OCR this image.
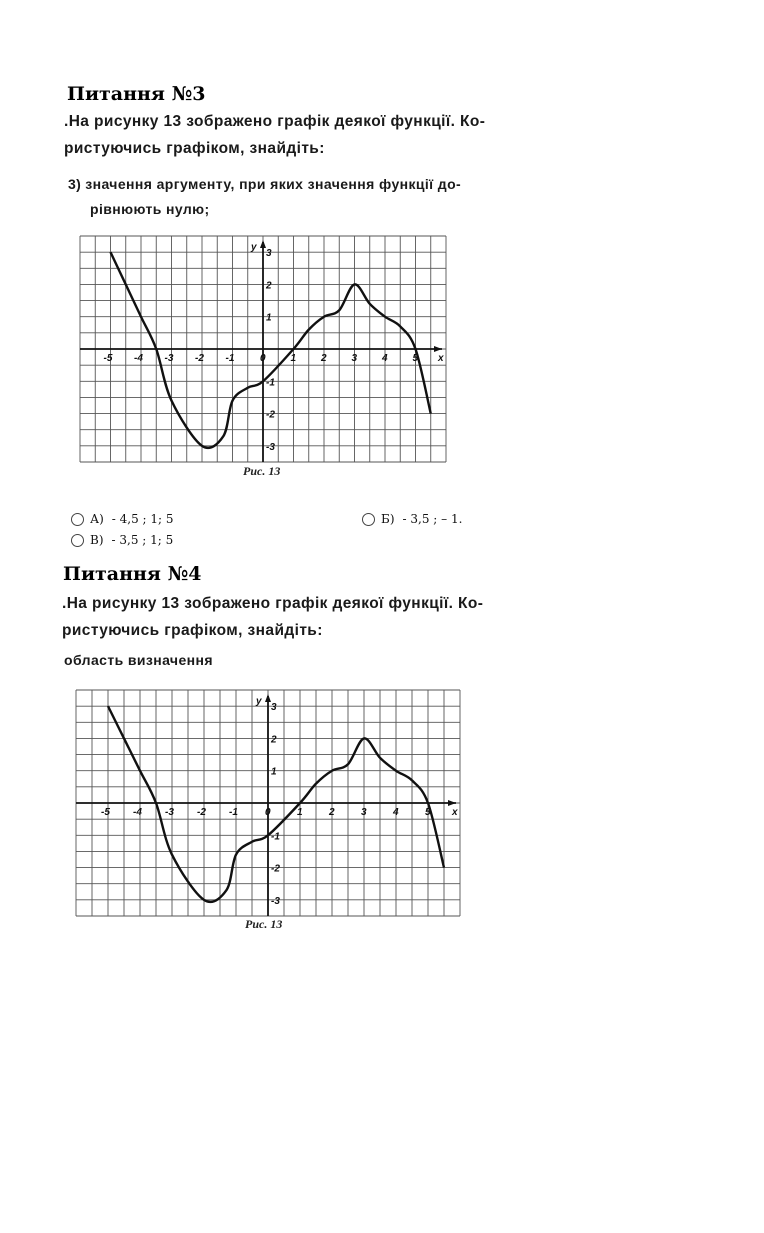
Питання №3
.На рисунку 13 зображено графік деякої функції. Ко-
ристуючись графіком, знайдіть:
3) значення аргументу, при яких значення функції до-
рівнюють нулю;
x
y
-5 -4 -3 -2 -1	0 1 2 3 4 5
3
2
1
-1
-2
-3
Рис. 13
А) - 4,5 ; 1; 5	Б) - 3,5 ; – 1.
В) - 3,5 ; 1; 5
Питання №4
.На рисунку 13 зображено графік деякої функції. Ко-
ристуючись графіком, знайдіть:
область визначення
x
y
-5 -4 -3 -2 -1	0	1	2	3	4	5
3
2
1
-1
-2
-3
Рис. 13
